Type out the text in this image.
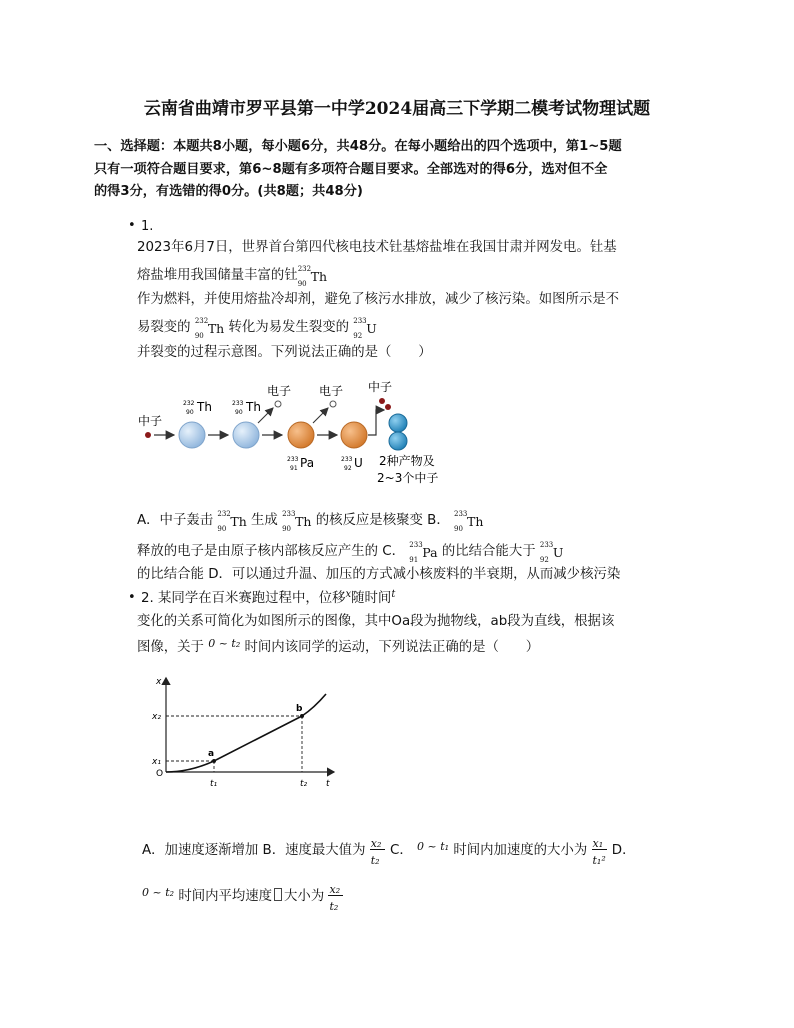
云南省曲靖市罗平县第一中学2024届高三下学期二模考试物理试题
一、选择题：本题共8小题，每小题6分，共48分。在每小题给出的四个选项中，第1~5题
只有一项符合题目要求，第6~8题有多项符合题目要求。全部选对的得6分，选对但不全
的得3分，有选错的得0分。(共8题；共48分)
• 1.
2023年6月7日，世界首台第四代核电技术钍基熔盐堆在我国甘肃并网发电。钍基
熔盐堆用我国储量丰富的钍 232
90 Th
作为燃料，并使用熔盐冷却剂，避免了核污水排放，减少了核污染。如图所示是不
易裂变的 232
90 Th 转化为易发生裂变的 233
92 U
并裂变的过程示意图。下列说法正确的是（　　）
中子
232
90 Th	233
90 Th
电子
233
91 Pa
电子
233
92 U
中子
2种产物及
2~3个中子
A．中子轰击 232
90 Th 生成 233
90 Th 的核反应是核聚变 B． 233
90 Th
释放的电子是由原子核内部核反应产生的 C． 233
91 Pa 的比结合能大于 233
92 U
的比结合能 D．可以通过升温、加压的方式减小核废料的半衰期，从而减少核污染
• 2. 某同学在百米赛跑过程中，位移$^x$随时间$^t$
变化的关系可简化为如图所示的图像，其中Oa段为抛物线，ab段为直线，根据该
图像，关于 $^{0 \sim t_2}$ 时间内该同学的运动，下列说法正确的是（　　）
x
t
O
x₂
x₁
t₁	t₂
a
b
A．加速度逐渐增加 B．速度最大值为 x₂
t₂
C． $^{0 \sim t_1}$ 时间内加速度的大小为 x₁
t₁²
D．
$^{0 \sim t_2}$ 时间内平均速度 大小为 x₂
t₂
